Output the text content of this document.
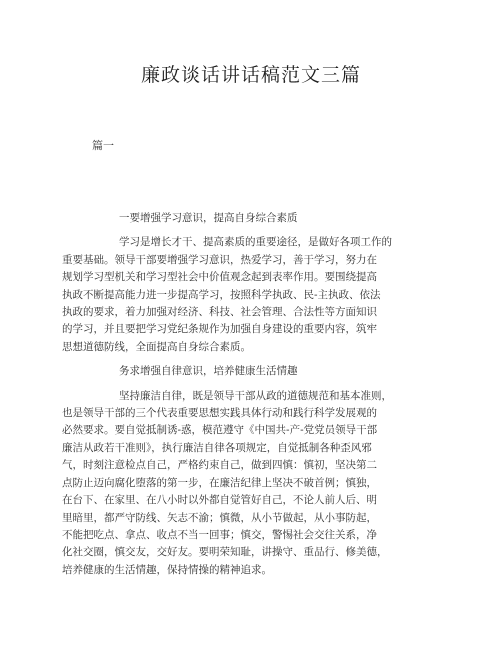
廉政谈话讲话稿范文三篇
篇一

一要增强学习意识，提高自身综合素质

学习是增长才干、提高素质的重要途径，是做好各项工作的

重要基础。领导干部要增强学习意识，热爱学习，善于学习，努力在

规划学习型机关和学习型社会中价值观念起到表率作用。要围绕提高

执政不断提高能力进一步提高学习，按照科学执政、民-主执政、依法

执政的要求，着力加强对经济、科技、社会管理、合法性等方面知识

的学习，并且要把学习党纪条规作为加强自身建设的重要内容，筑牢

思想道德防线，全面提高自身综合素质。

务求增强自律意识，培养健康生活情趣

坚持廉洁自律，既是领导干部从政的道德规范和基本准则，

也是领导干部的三个代表重要思想实践具体行动和践行科学发展观的

必然要求。要自觉抵制诱-惑，模范遵守《中国共-产-党党员领导干部

廉洁从政若干准则》，执行廉洁自律各项规定，自觉抵制各种歪风邪

气，时刻注意检点自己，严格约束自己，做到四慎：慎初，坚决第二

点防止迈向腐化堕落的第一步，在廉洁纪律上坚决不破首例；慎独，

在台下、在家里、在八小时以外都自觉管好自己，不论人前人后、明

里暗里，都严守防线、矢志不渝；慎微，从小节做起，从小事防起，

不能把吃点、拿点、收点不当一回事；慎交，警惕社会交往关系，净

化社交圈，慎交友，交好友。要明荣知耻，讲操守、重品行、修美德，

培养健康的生活情趣，保持情操的精神追求。
